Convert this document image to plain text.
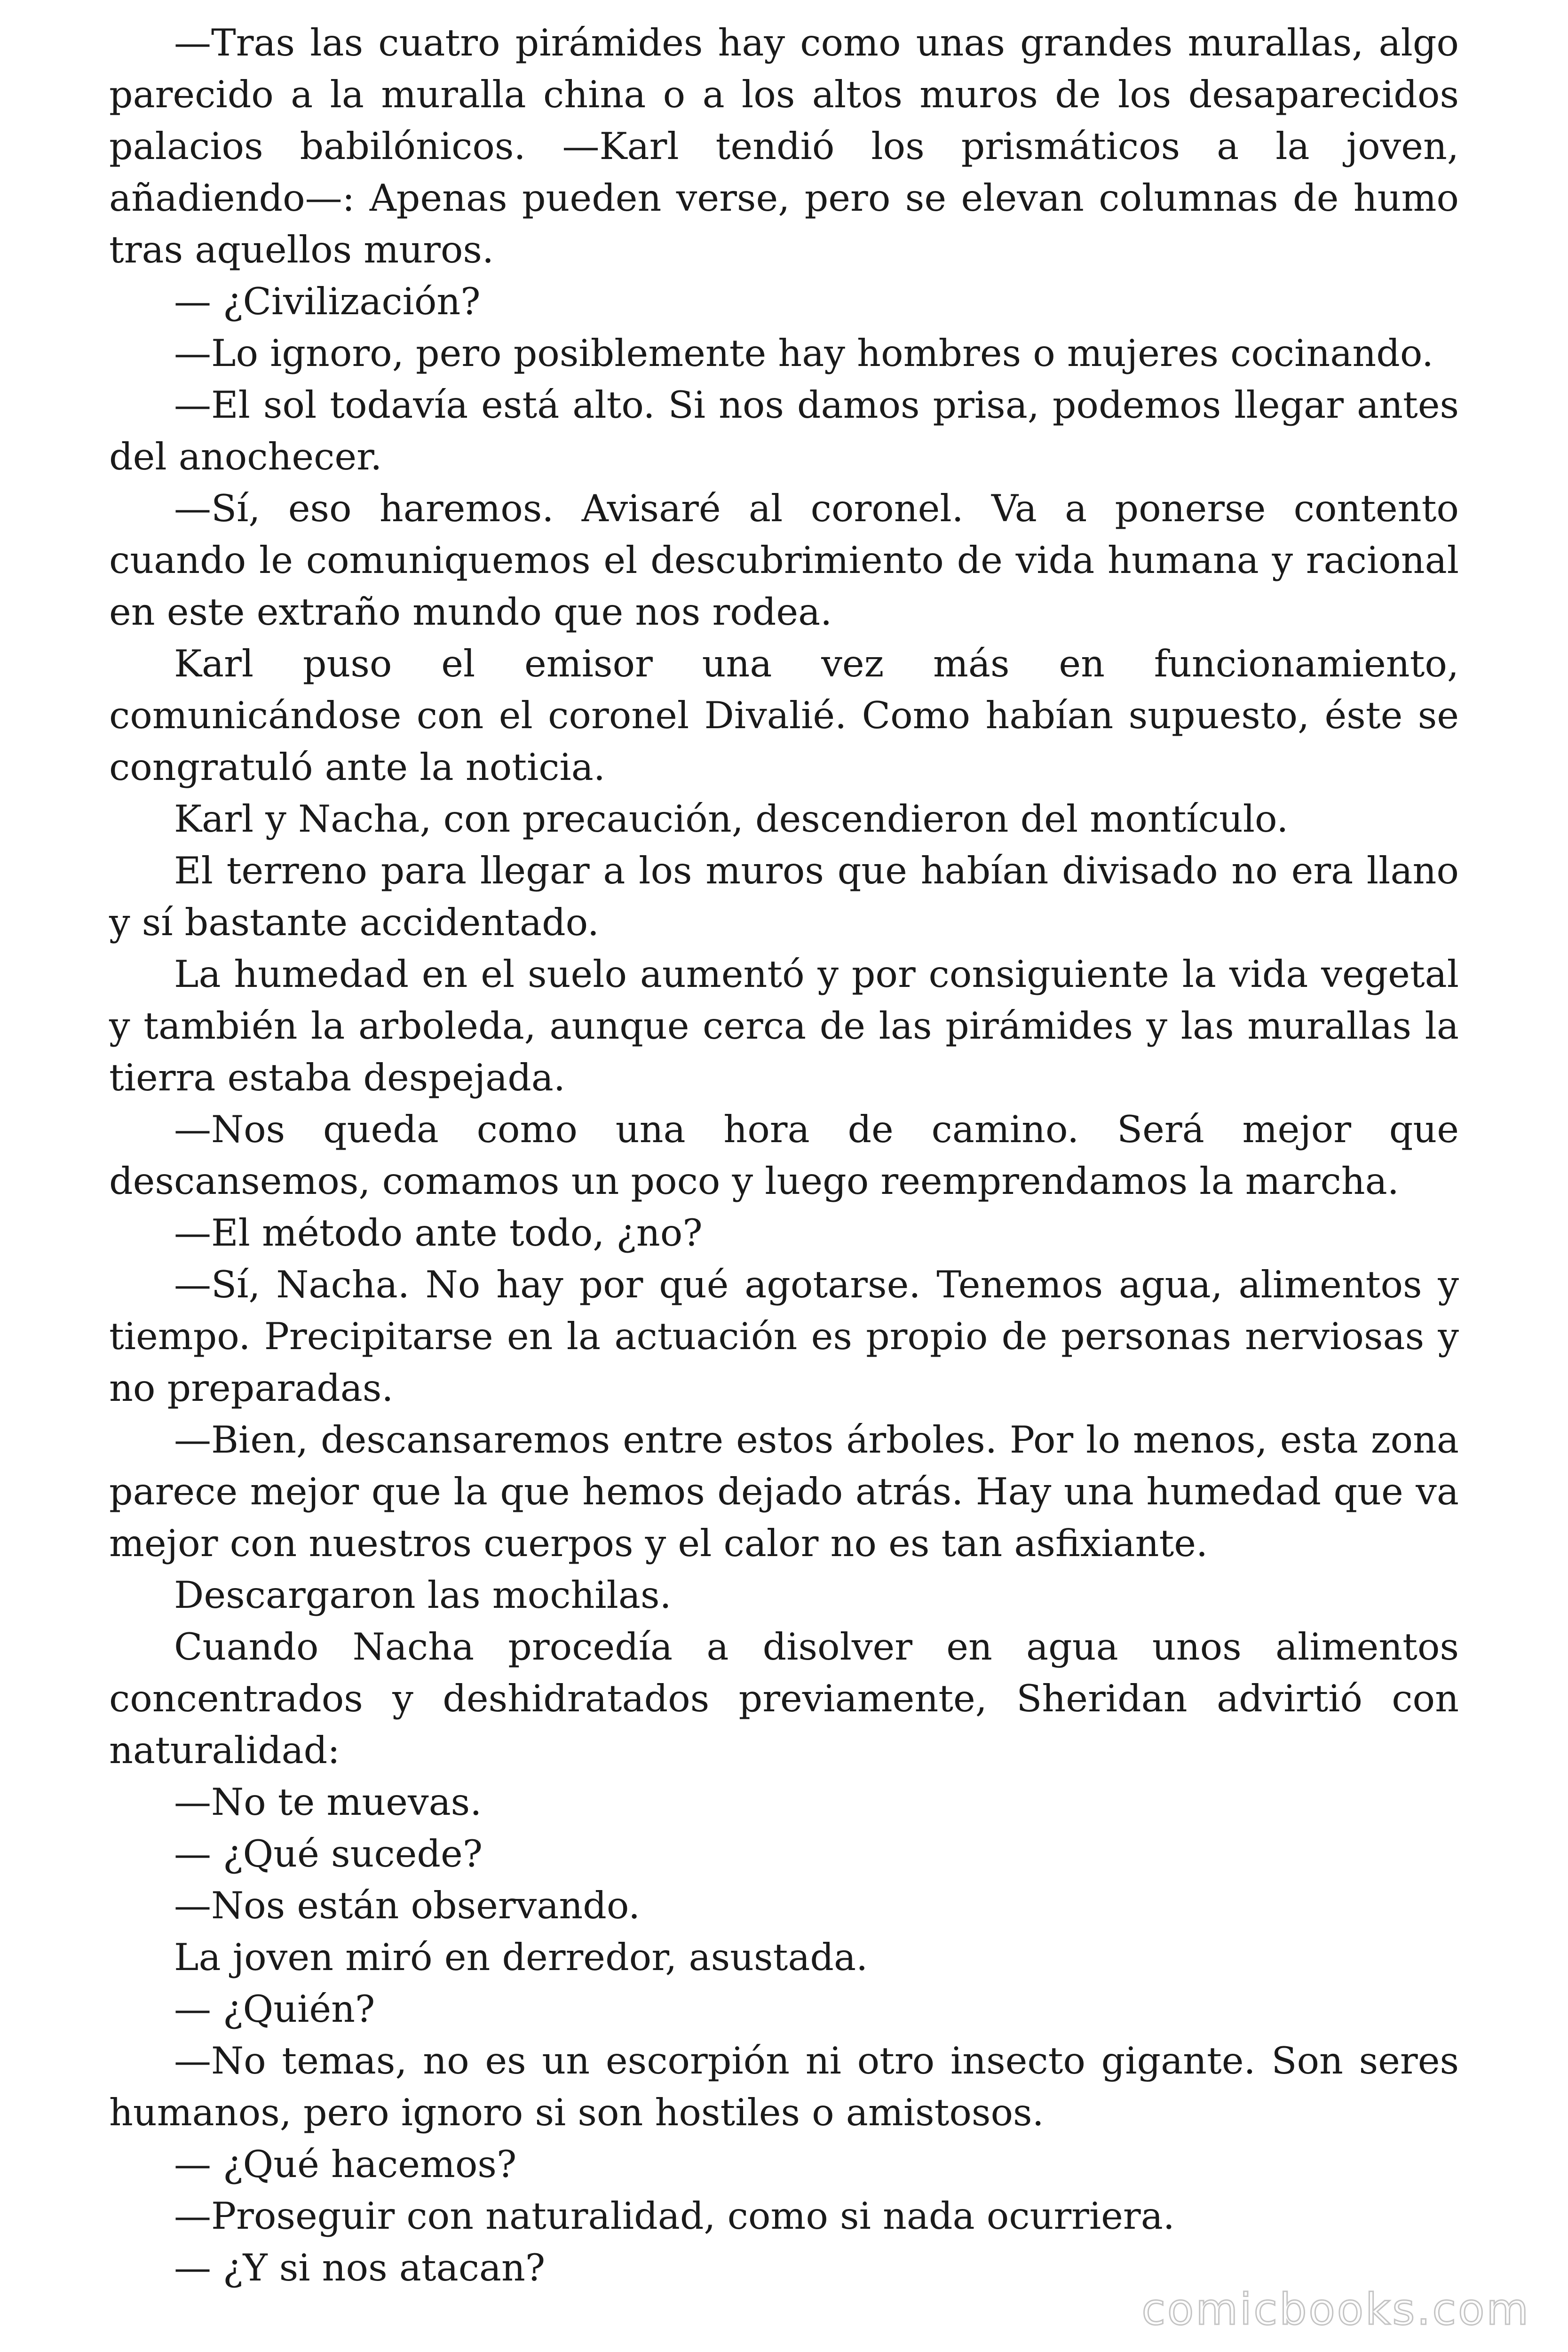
—Tras las cuatro pirámides hay como unas grandes murallas, algo parecido a la muralla china o a los altos muros de los desaparecidos palacios babilónicos. —Karl tendió los prismáticos a la joven, añadiendo—: Apenas pueden verse, pero se elevan columnas de humo tras aquellos muros.

— ¿Civilización?

—Lo ignoro, pero posiblemente hay hombres o mujeres cocinando.

—El sol todavía está alto. Si nos damos prisa, podemos llegar antes del anochecer.

—Sí, eso haremos. Avisaré al coronel. Va a ponerse contento cuando le comuniquemos el descubrimiento de vida humana y racional en este extraño mundo que nos rodea.

Karl puso el emisor una vez más en funcionamiento, comunicándose con el coronel Divalié. Como habían supuesto, éste se congratuló ante la noticia.

Karl y Nacha, con precaución, descendieron del montículo.

El terreno para llegar a los muros que habían divisado no era llano y sí bastante accidentado.

La humedad en el suelo aumentó y por consiguiente la vida vegetal y también la arboleda, aunque cerca de las pirámides y las murallas la tierra estaba despejada.

—Nos queda como una hora de camino. Será mejor que descansemos, comamos un poco y luego reemprendamos la marcha.

—El método ante todo, ¿no?

—Sí, Nacha. No hay por qué agotarse. Tenemos agua, alimentos y tiempo. Precipitarse en la actuación es propio de personas nerviosas y no preparadas.

—Bien, descansaremos entre estos árboles. Por lo menos, esta zona parece mejor que la que hemos dejado atrás. Hay una humedad que va mejor con nuestros cuerpos y el calor no es tan asfixiante.

Descargaron las mochilas.

Cuando Nacha procedía a disolver en agua unos alimentos concentrados y deshidratados previamente, Sheridan advirtió con naturalidad:

—No te muevas.

— ¿Qué sucede?

—Nos están observando.

La joven miró en derredor, asustada.

— ¿Quién?

—No temas, no es un escorpión ni otro insecto gigante. Son seres humanos, pero ignoro si son hostiles o amistosos.

— ¿Qué hacemos?

—Proseguir con naturalidad, como si nada ocurriera.

— ¿Y si nos atacan?

comicbooks.com
